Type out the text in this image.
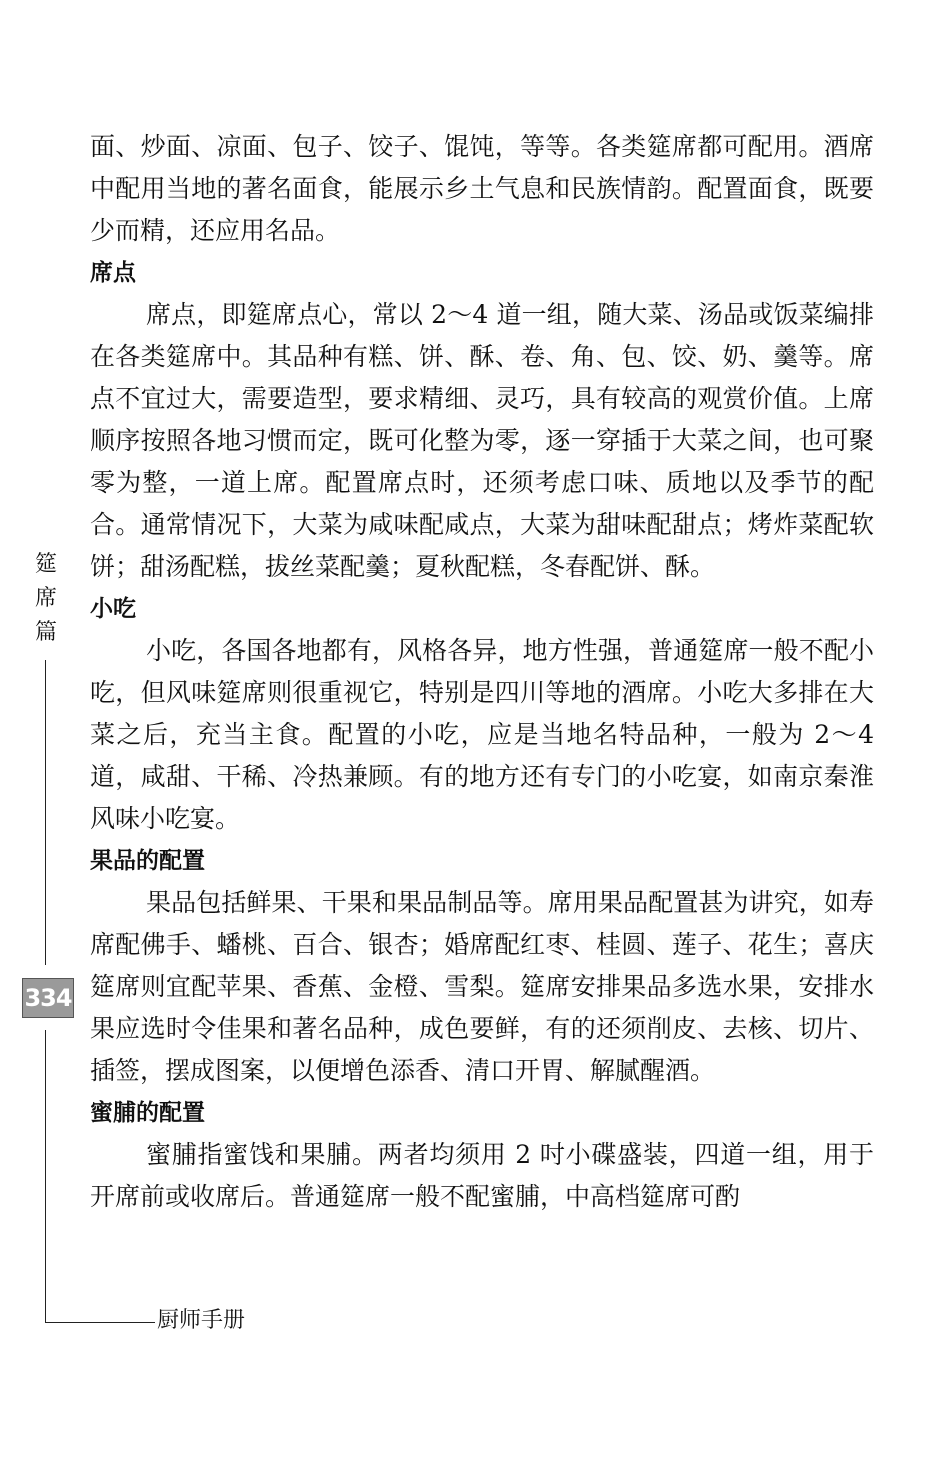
面、炒面、凉面、包子、饺子、馄饨，等等。各类筵席都可配用。酒席中配用当地的著名面食，能展示乡土气息和民族情韵。配置面食，既要少而精，还应用名品。

席点

席点，即筵席点心，常以 2～4 道一组，随大菜、汤品或饭菜编排在各类筵席中。其品种有糕、饼、酥、卷、角、包、饺、奶、羹等。席点不宜过大，需要造型，要求精细、灵巧，具有较高的观赏价值。上席顺序按照各地习惯而定，既可化整为零，逐一穿插于大菜之间，也可聚零为整，一道上席。配置席点时，还须考虑口味、质地以及季节的配合。通常情况下，大菜为咸味配咸点，大菜为甜味配甜点；烤炸菜配软饼；甜汤配糕，拔丝菜配羹；夏秋配糕，冬春配饼、酥。

小吃

小吃，各国各地都有，风格各异，地方性强，普通筵席一般不配小吃，但风味筵席则很重视它，特别是四川等地的酒席。小吃大多排在大菜之后，充当主食。配置的小吃，应是当地名特品种，一般为 2～4 道，咸甜、干稀、冷热兼顾。有的地方还有专门的小吃宴，如南京秦淮风味小吃宴。

果品的配置

果品包括鲜果、干果和果品制品等。席用果品配置甚为讲究，如寿席配佛手、蟠桃、百合、银杏；婚席配红枣、桂圆、莲子、花生；喜庆筵席则宜配苹果、香蕉、金橙、雪梨。筵席安排果品多选水果，安排水果应选时令佳果和著名品种，成色要鲜，有的还须削皮、去核、切片、插签，摆成图案，以便增色添香、清口开胃、解腻醒酒。

蜜脯的配置

蜜脯指蜜饯和果脯。两者均须用 2 吋小碟盛装，四道一组，用于开席前或收席后。普通筵席一般不配蜜脯，中高档筵席可酌

筵
席
篇
334
厨师手册
